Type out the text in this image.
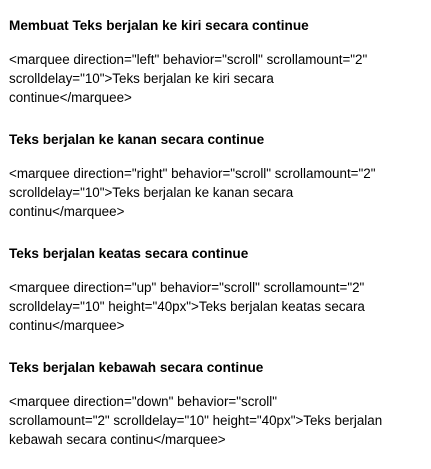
Membuat Teks berjalan ke kiri secara continue

<marquee direction="left" behavior="scroll" scrollamount="2"
scrolldelay="10">Teks berjalan ke kiri secara
continue</marquee>

Teks berjalan ke kanan secara continue

<marquee direction="right" behavior="scroll" scrollamount="2"
scrolldelay="10">Teks berjalan ke kanan secara
continu</marquee>

Teks berjalan keatas secara continue

<marquee direction="up" behavior="scroll" scrollamount="2"
scrolldelay="10" height="40px">Teks berjalan keatas secara
continu</marquee>

Teks berjalan kebawah secara continue

<marquee direction="down" behavior="scroll"
scrollamount="2" scrolldelay="10" height="40px">Teks berjalan
kebawah secara continu</marquee>
